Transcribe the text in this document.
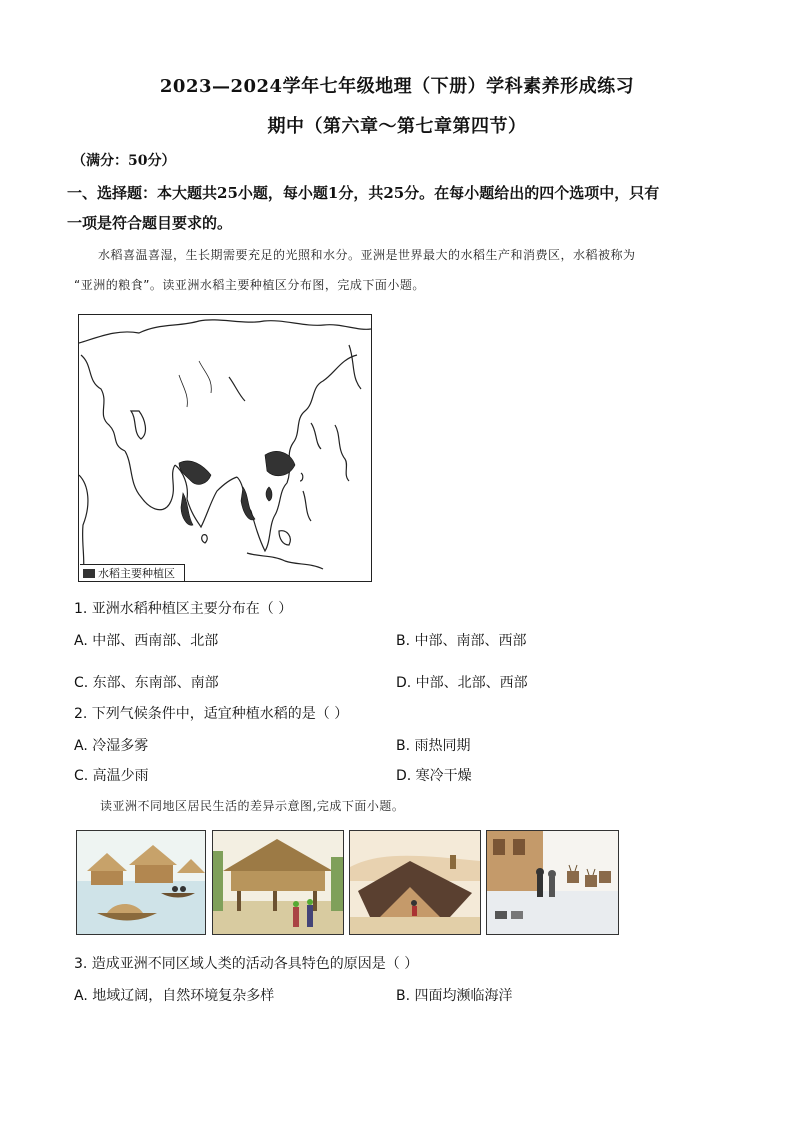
2023—2024学年七年级地理（下册）学科素养形成练习
期中（第六章～第七章第四节）
（满分：50分）
一、选择题：本大题共25小题，每小题1分，共25分。在每小题给出的四个选项中，只有
一项是符合题目要求的。
水稻喜温喜湿，生长期需要充足的光照和水分。亚洲是世界最大的水稻生产和消费区，水稻被称为
“亚洲的粮食”。读亚洲水稻主要种植区分布图，完成下面小题。
水稻主要种植区
1. 亚洲水稻种植区主要分布在（ ）
A. 中部、西南部、北部	B. 中部、南部、西部
C. 东部、东南部、南部	D. 中部、北部、西部
2. 下列气候条件中，适宜种植水稻的是（ ）
A. 冷湿多雾	B. 雨热同期
C. 高温少雨	D. 寒冷干燥
读亚洲不同地区居民生活的差异示意图,完成下面小题。
3. 造成亚洲不同区域人类的活动各具特色的原因是（ ）
A. 地域辽阔，自然环境复杂多样	B. 四面均濒临海洋
